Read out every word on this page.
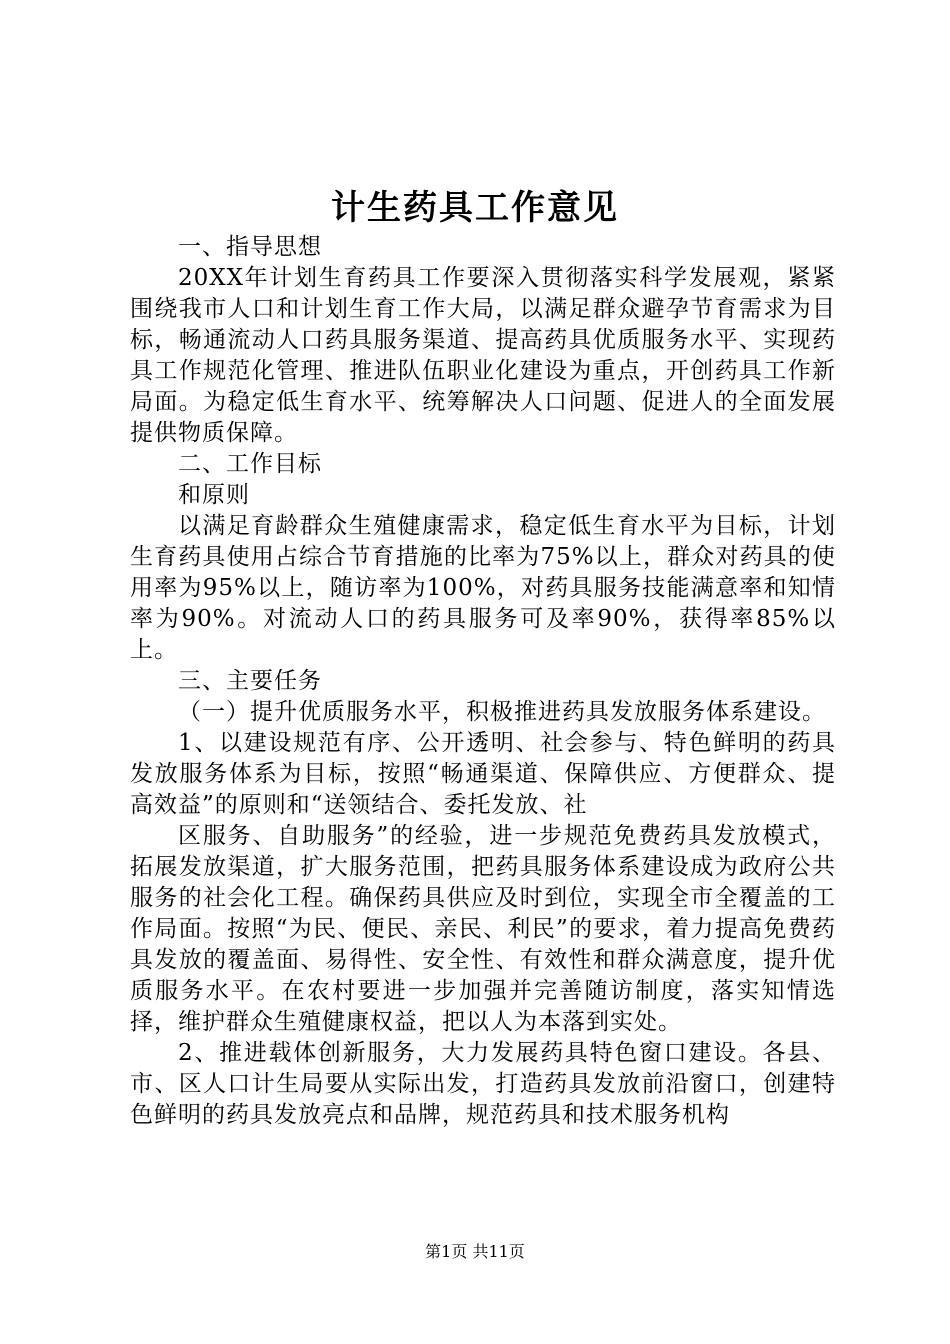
计生药具工作意见

一、指导思想

20XX年计划生育药具工作要深入贯彻落实科学发展观，紧紧围绕我市人口和计划生育工作大局，以满足群众避孕节育需求为目标，畅通流动人口药具服务渠道、提高药具优质服务水平、实现药具工作规范化管理、推进队伍职业化建设为重点，开创药具工作新局面。为稳定低生育水平、统筹解决人口问题、促进人的全面发展提供物质保障。

二、工作目标

和原则

以满足育龄群众生殖健康需求，稳定低生育水平为目标，计划生育药具使用占综合节育措施的比率为75%以上，群众对药具的使用率为95%以上，随访率为100%，对药具服务技能满意率和知情率为90%。对流动人口的药具服务可及率90%，获得率85%以上。

三、主要任务

（一）提升优质服务水平，积极推进药具发放服务体系建设。

1、以建设规范有序、公开透明、社会参与、特色鲜明的药具发放服务体系为目标，按照“畅通渠道、保障供应、方便群众、提高效益”的原则和“送领结合、委托发放、社

区服务、自助服务”的经验，进一步规范免费药具发放模式，拓展发放渠道，扩大服务范围，把药具服务体系建设成为政府公共服务的社会化工程。确保药具供应及时到位，实现全市全覆盖的工作局面。按照“为民、便民、亲民、利民”的要求，着力提高免费药具发放的覆盖面、易得性、安全性、有效性和群众满意度，提升优质服务水平。在农村要进一步加强并完善随访制度，落实知情选择，维护群众生殖健康权益，把以人为本落到实处。

2、推进载体创新服务，大力发展药具特色窗口建设。各县、市、区人口计生局要从实际出发，打造药具发放前沿窗口，创建特色鲜明的药具发放亮点和品牌，规范药具和技术服务机构

第1页 共11页
